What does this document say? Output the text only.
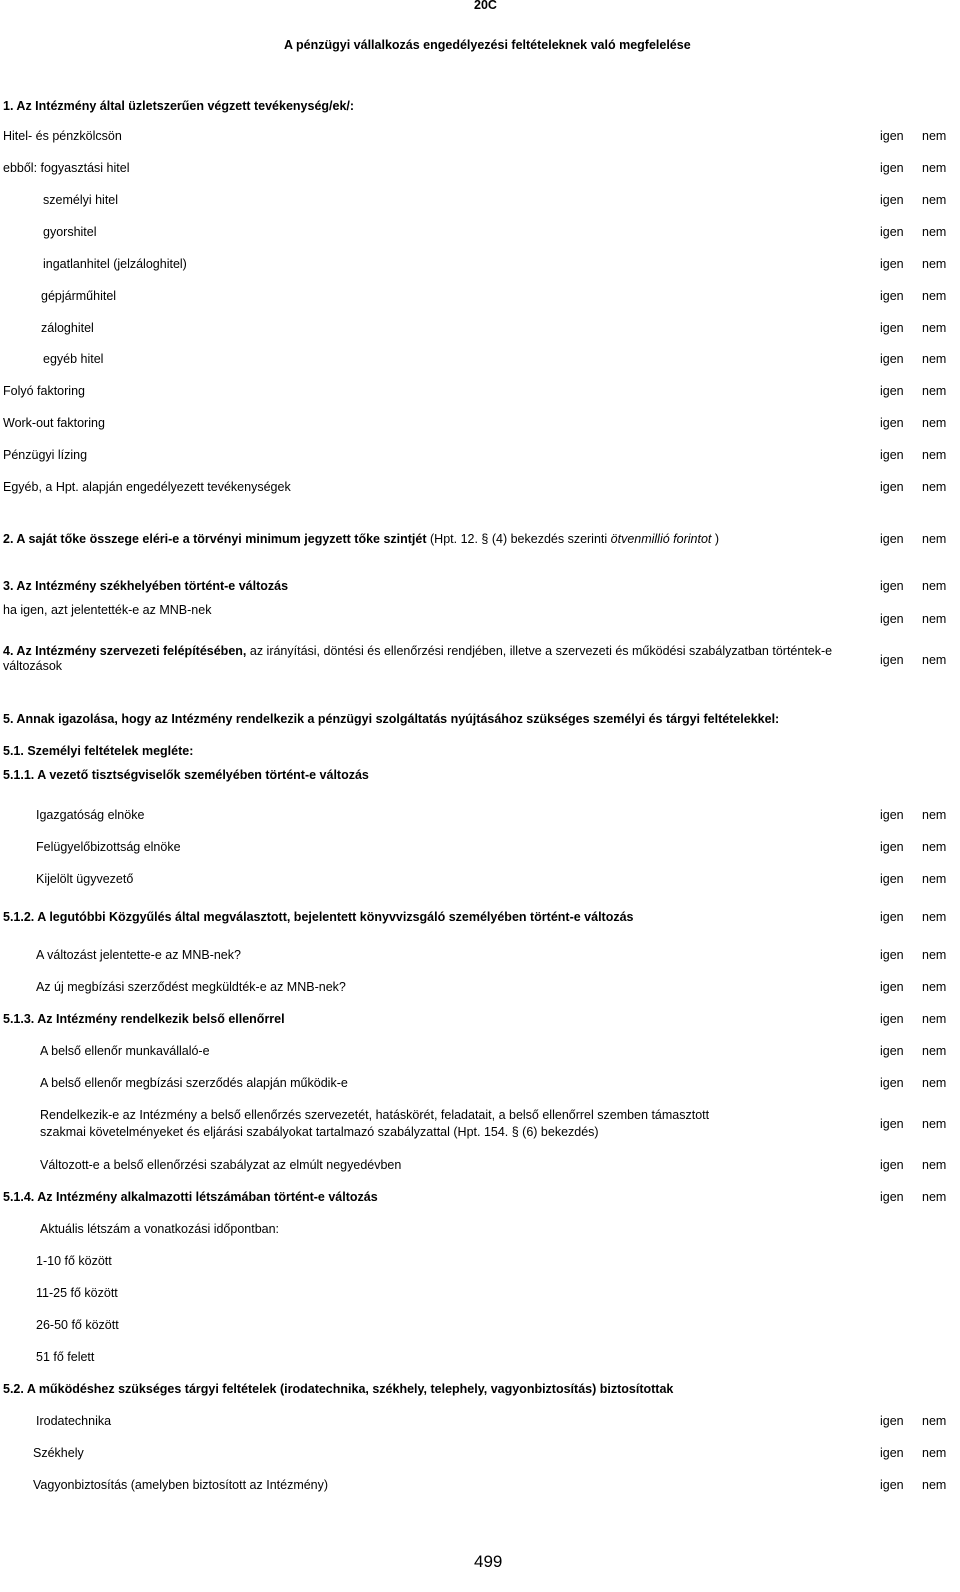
20C
A pénzügyi vállalkozás engedélyezési feltételeknek való megfelelése
1. Az Intézmény által üzletszerűen végzett tevékenység/ek/:
Hitel- és pénzkölcsön
ebből: fogyasztási hitel
személyi hitel
gyorshitel
ingatlanhitel (jelzáloghitel)
gépjárműhitel
záloghitel
egyéb hitel
Folyó faktoring
Work-out faktoring
Pénzügyi lízing
Egyéb, a Hpt. alapján engedélyezett tevékenységek
2. A saját tőke összege eléri-e a törvényi minimum jegyzett tőke szintjét (Hpt. 12. § (4) bekezdés szerinti ötvenmillió forintot )
3. Az Intézmény székhelyében történt-e változás
ha igen, azt jelentették-e az MNB-nek
4. Az Intézmény szervezeti felépítésében, az irányítási, döntési és ellenőrzési rendjében, illetve a szervezeti és működési szabályzatban történtek-e változások
5. Annak igazolása, hogy az Intézmény rendelkezik a pénzügyi szolgáltatás nyújtásához szükséges személyi és tárgyi feltételekkel:
5.1. Személyi feltételek megléte:
5.1.1. A vezető tisztségviselők személyében történt-e változás
Igazgatóság elnöke
Felügyelőbizottság elnöke
Kijelölt ügyvezető
5.1.2. A legutóbbi Közgyűlés által megválasztott, bejelentett könyvvizsgáló személyében történt-e változás
A változást jelentette-e az MNB-nek?
Az új megbízási szerződést megküldték-e az MNB-nek?
5.1.3. Az Intézmény rendelkezik belső ellenőrrel
A belső ellenőr munkavállaló-e
A belső ellenőr megbízási szerződés alapján működik-e
Rendelkezik-e az Intézmény a belső ellenőrzés szervezetét, hatáskörét, feladatait, a belső ellenőrrel szemben támasztott
szakmai követelményeket és eljárási szabályokat tartalmazó szabályzattal (Hpt. 154. § (6) bekezdés)
Változott-e a belső ellenőrzési szabályzat az elmúlt negyedévben
5.1.4. Az Intézmény alkalmazotti létszámában történt-e változás
Aktuális létszám a vonatkozási időpontban:
1-10 fő között
11-25 fő között
26-50 fő között
51 fő felett
5.2. A működéshez szükséges tárgyi feltételek (irodatechnika, székhely, telephely, vagyonbiztosítás) biztosítottak
Irodatechnika
Székhely
Vagyonbiztosítás (amelyben biztosított az Intézmény)
igen nem
igen nem
igen nem
igen nem
igen nem
igen nem
igen nem
igen nem
igen nem
igen nem
igen nem
igen nem
igen nem
igen nem
igen nem
igen nem
igen nem
igen nem
igen nem
igen nem
igen nem
igen nem
igen nem
igen nem
igen nem
igen nem
igen nem
igen nem
igen nem
igen nem
igen nem
499
